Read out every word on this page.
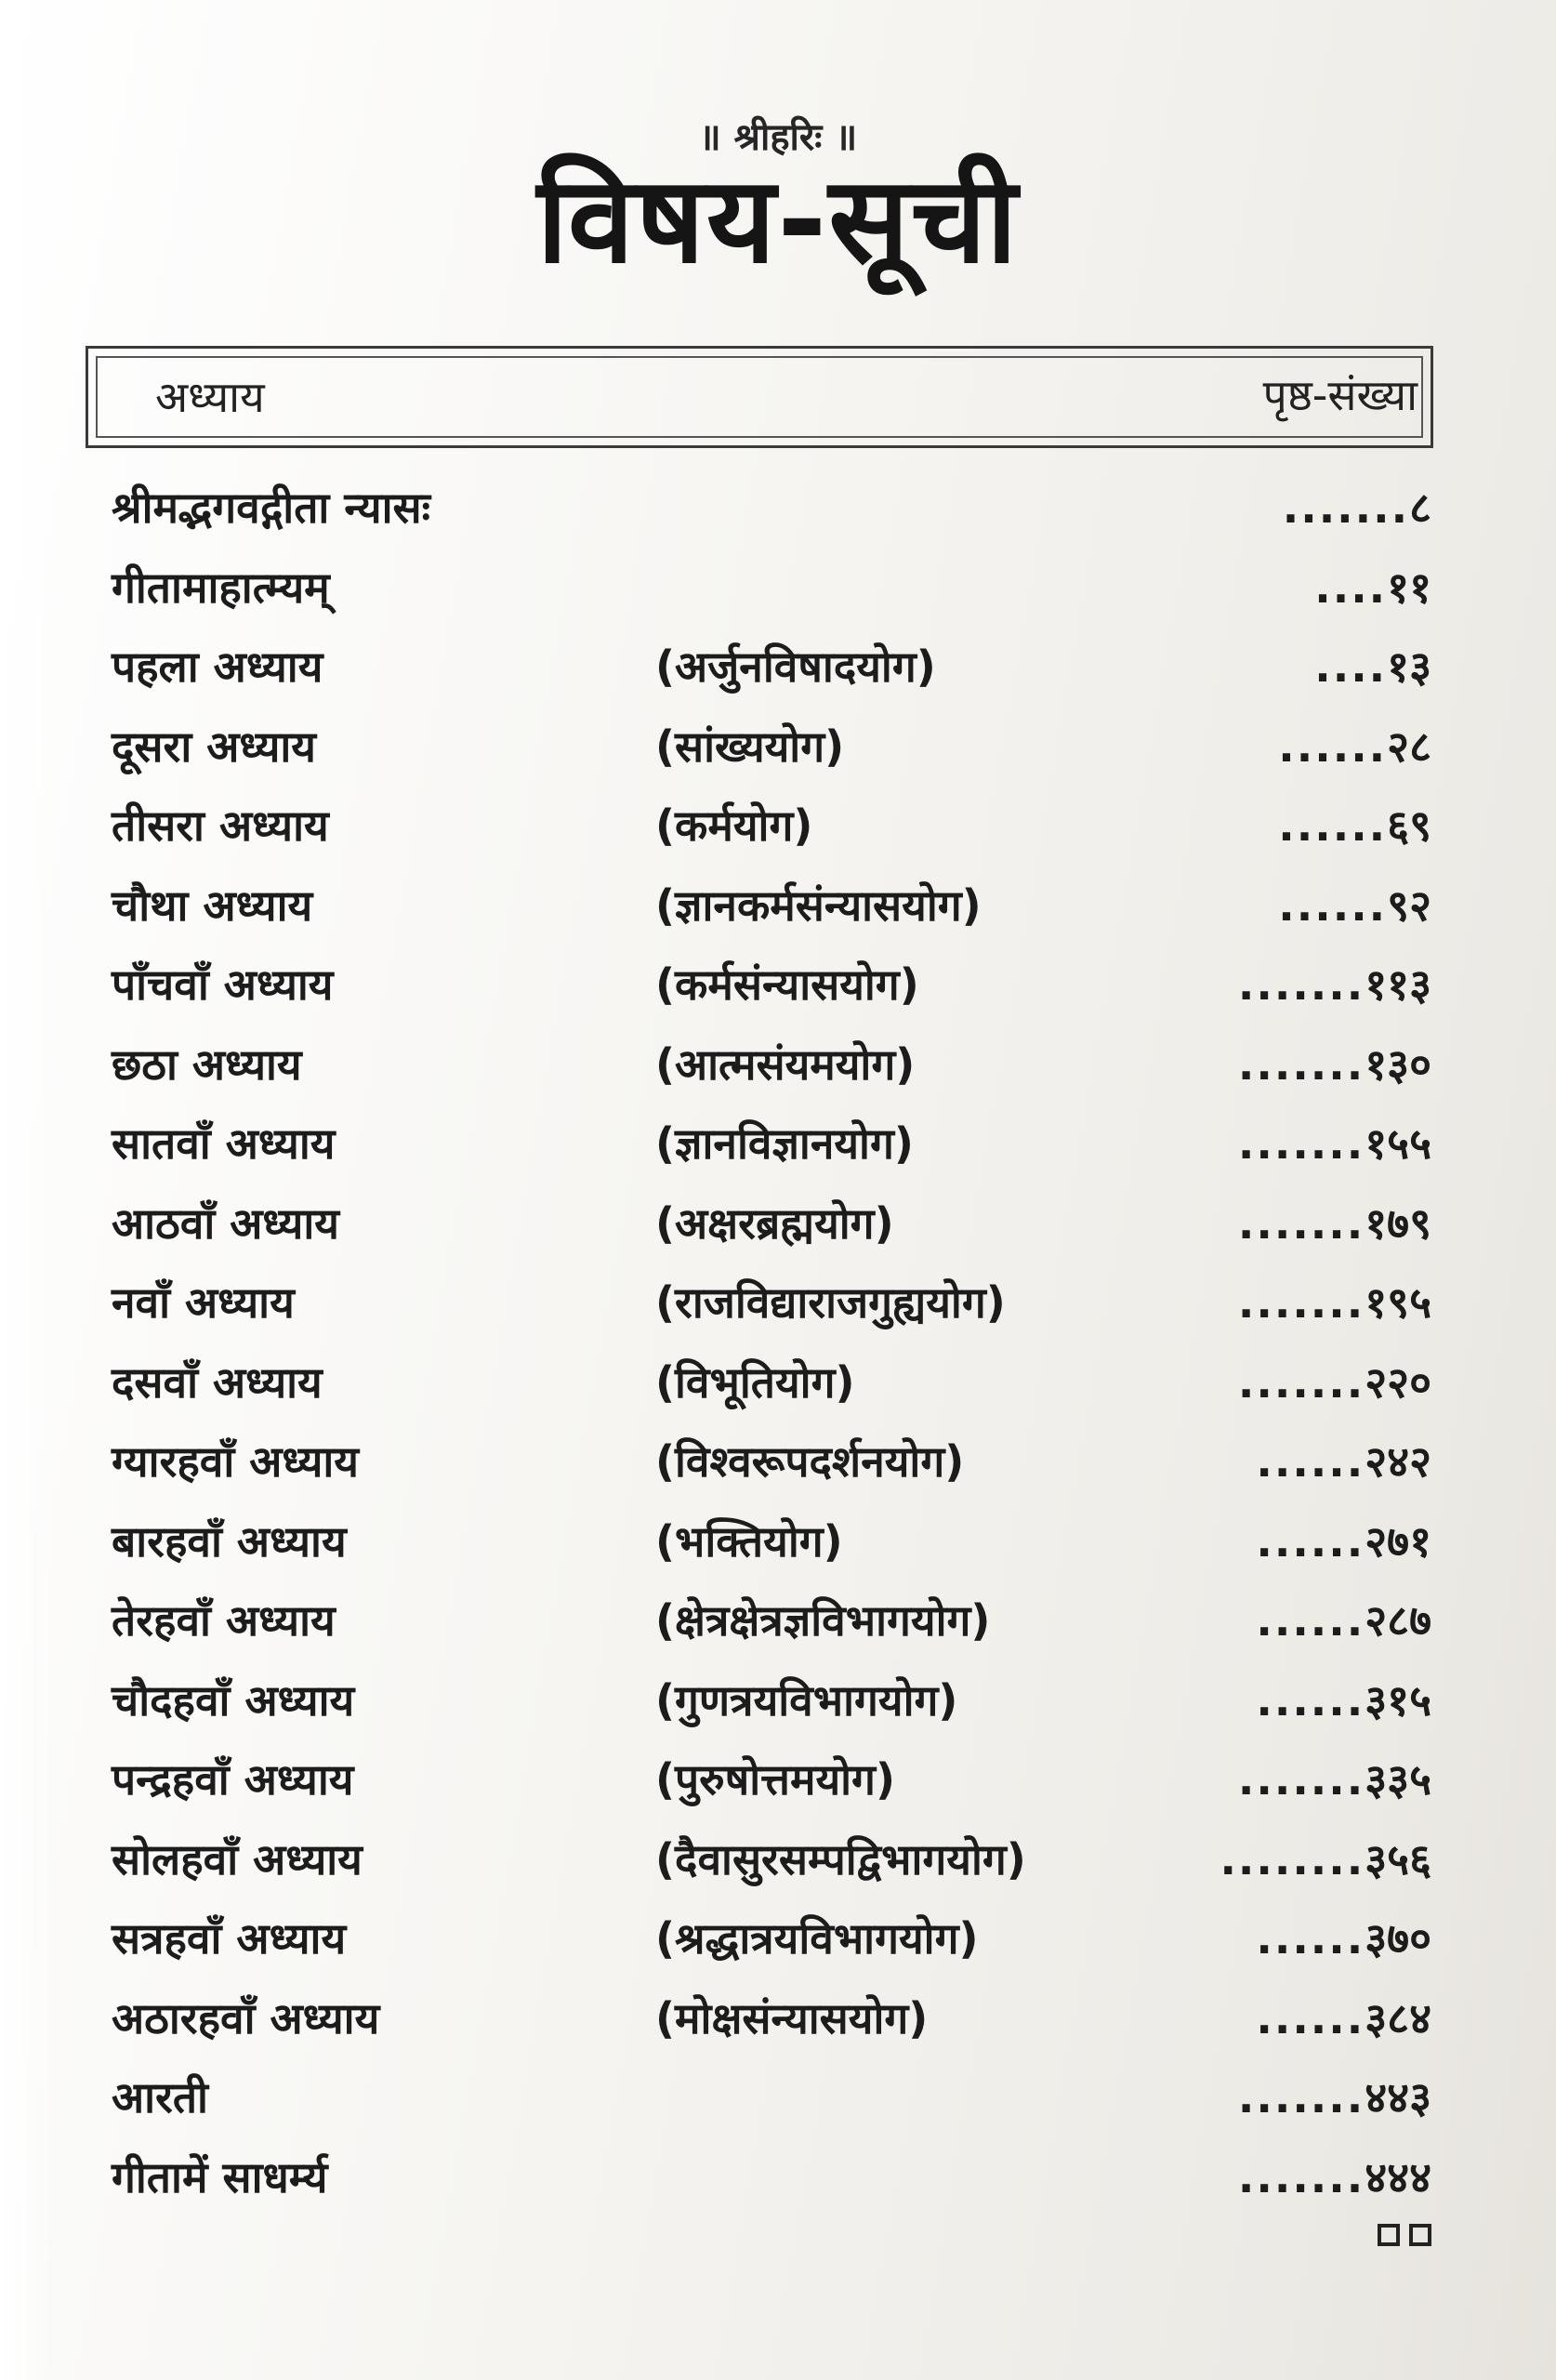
॥ श्रीहरिः ॥
विषय-सूची
अध्याय	पृष्ठ-संख्या
श्रीमद्भगवद्गीता न्यासः	.......८
गीतामाहात्म्यम्	....११
पहला अध्याय	(अर्जुनविषादयोग)	....१३
दूसरा अध्याय	(सांख्ययोग)	......२८
तीसरा अध्याय	(कर्मयोग)	......६९
चौथा अध्याय	(ज्ञानकर्मसंन्यासयोग)	......९२
पाँचवाँ अध्याय	(कर्मसंन्यासयोग)	.......११३
छठा अध्याय	(आत्मसंयमयोग)	.......१३०
सातवाँ अध्याय	(ज्ञानविज्ञानयोग)	.......१५५
आठवाँ अध्याय	(अक्षरब्रह्मयोग)	.......१७९
नवाँ अध्याय	(राजविद्याराजगुह्ययोग)	.......१९५
दसवाँ अध्याय	(विभूतियोग)	.......२२०
ग्यारहवाँ अध्याय	(विश्वरूपदर्शनयोग)	......२४२
बारहवाँ अध्याय	(भक्तियोग)	......२७१
तेरहवाँ अध्याय	(क्षेत्रक्षेत्रज्ञविभागयोग)	......२८७
चौदहवाँ अध्याय	(गुणत्रयविभागयोग)	......३१५
पन्द्रहवाँ अध्याय	(पुरुषोत्तमयोग)	.......३३५
सोलहवाँ अध्याय	(दैवासुरसम्पद्विभागयोग)	........३५६
सत्रहवाँ अध्याय	(श्रद्धात्रयविभागयोग)	......३७०
अठारहवाँ अध्याय	(मोक्षसंन्यासयोग)	......३८४
आरती	.......४४३
गीतामें साधर्म्य	.......४४४
